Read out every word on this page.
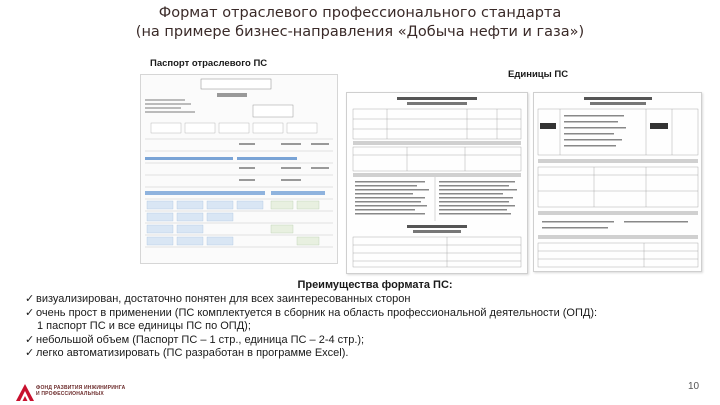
Формат отраслевого профессионального стандарта
(на примере бизнес-направления «Добыча нефти и газа»)
Паспорт отраслевого ПС
Единицы ПС
Преимущества формата ПС:
✓ визуализирован, достаточно понятен для всех заинтересованных сторон
✓ очень прост в применении (ПС комплектуется в сборник на область профессиональной деятельности (ОПД):
1 паспорт ПС и все единицы ПС по ОПД);
✓ небольшой объем (Паспорт ПС – 1 стр., единица ПС – 2-4 стр.);
✓ легко автоматизировать (ПС разработан в программе Excel).
ФОНД РАЗВИТИЯ ИНЖИНИРИНГА
И ПРОФЕССИОНАЛЬНЫХ
10
